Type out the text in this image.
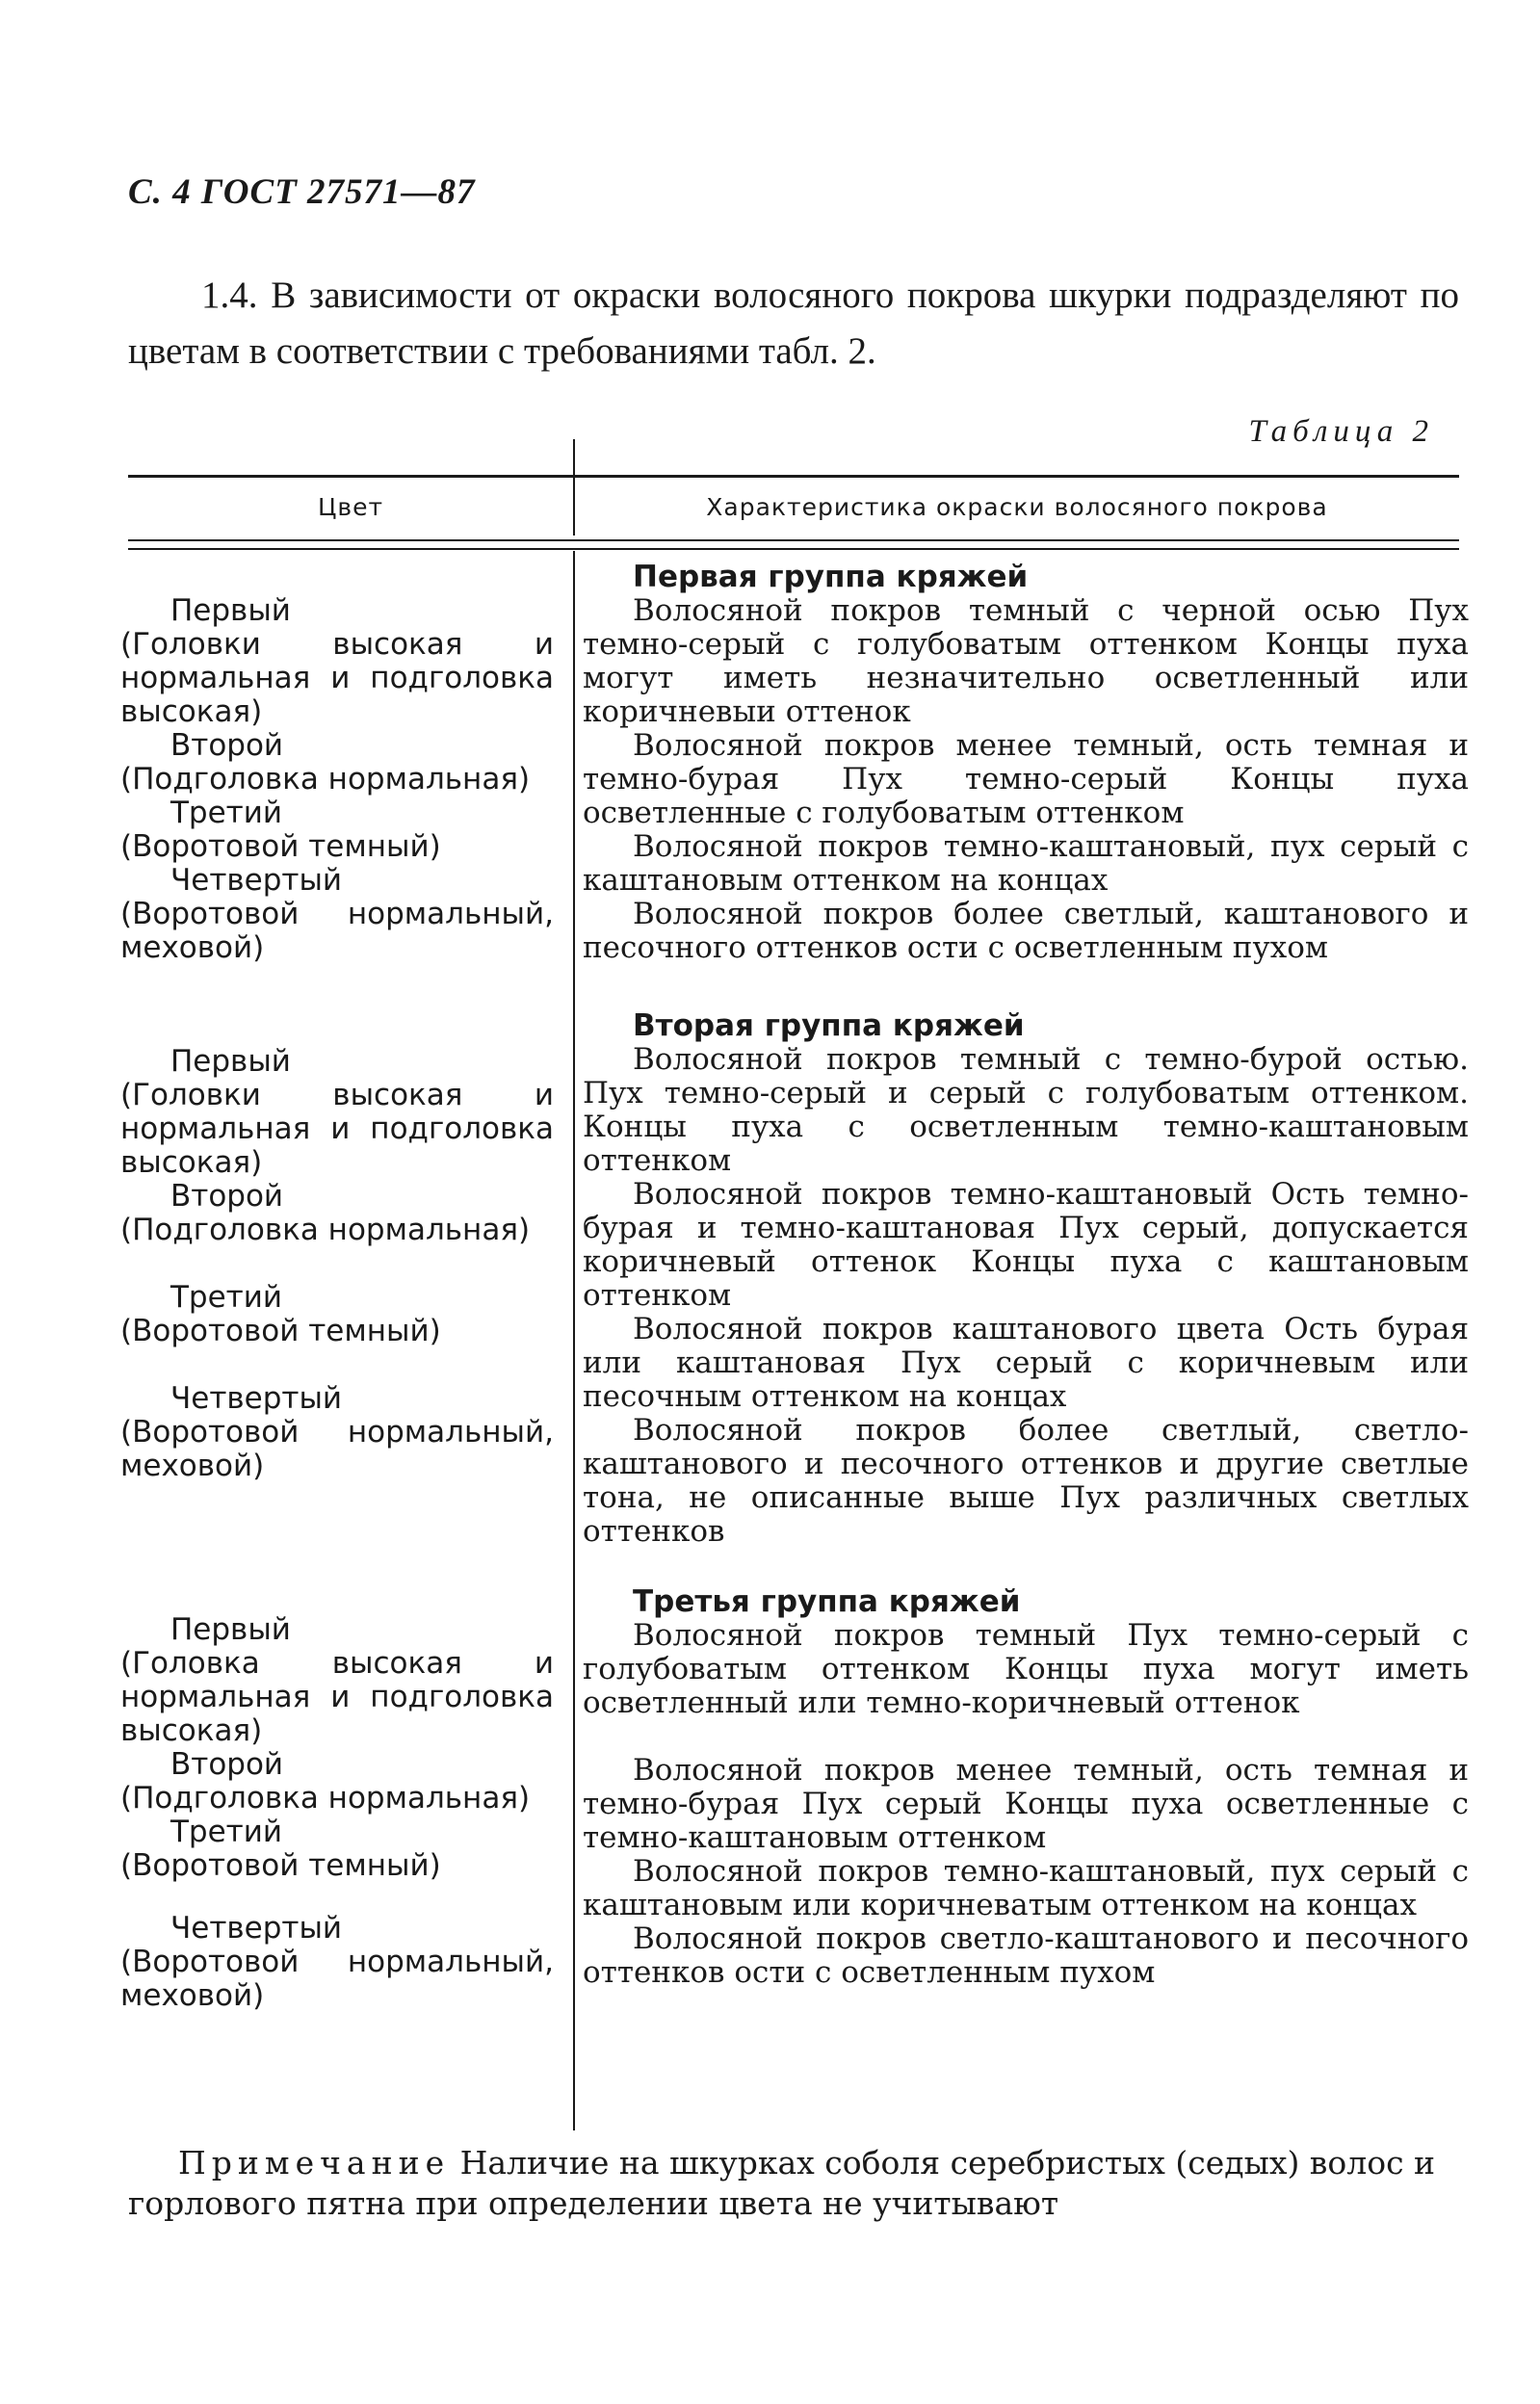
С. 4 ГОСТ 27571—87

1.4. В зависимости от окраски волосяного покрова шкурки подразделяют по цветам в соответствии с требованиями табл. 2.

Таблица 2
Цвет	Характеристика окраски волосяного покрова

Первый

(Головки высокая и нормальная и подголовка высокая)

Второй

(Подголовка нормальная)

Третий

(Воротовой темный)

Четвертый

(Воротовой нормальный, меховой)

Первая группа кряжей

Волосяной покров темный с черной осью Пух темно-серый с голубоватым оттенком Концы пуха могут иметь незначительно осветленный или коричневыи оттенок

Волосяной покров менее темный, ость темная и темно-бурая Пух темно-серый Концы пуха осветленные с голубоватым оттенком

Волосяной покров темно-каштановый, пух серый с каштановым оттенком на концах

Волосяной покров более светлый, каштанового и песочного оттенков ости с осветленным пухом

Первый

(Головки высокая и нормальная и подголовка высокая)

Второй

(Подголовка нормальная)

Третий

(Воротовой темный)

Четвертый

(Воротовой нормальный, меховой)

Вторая группа кряжей

Волосяной покров темный с темно-бурой остью. Пух темно-серый и серый с голубоватым оттенком. Концы пуха с осветленным темно-каштановым оттенком

Волосяной покров темно-каштановый Ость темно-бурая и темно-каштановая Пух серый, допускается коричневый оттенок Концы пуха с каштановым оттенком

Волосяной покров каштанового цвета Ость бурая или каштановая Пух серый с коричневым или песочным оттенком на концах

Волосяной покров более светлый, светло-каштанового и песочного оттенков и другие светлые тона, не описанные выше Пух различных светлых оттенков

Первый

(Головка высокая и нормальная и подголовка высокая)

Второй

(Подголовка нормальная)

Третий

(Воротовой темный)

Четвертый

(Воротовой нормальный, меховой)

Третья группа кряжей

Волосяной покров темный Пух темно-серый с голубоватым оттенком Концы пуха могут иметь осветленный или темно-коричневый оттенок

Волосяной покров менее темный, ость темная и темно-бурая Пух серый Концы пуха осветленные с темно-каштановым оттенком

Волосяной покров темно-каштановый, пух серый с каштановым или коричневатым оттенком на концах

Волосяной покров светло-каштанового и песочного оттенков ости с осветленным пухом

Примечание Наличие на шкурках соболя серебристых (седых) волос и горлового пятна при определении цвета не учитывают
